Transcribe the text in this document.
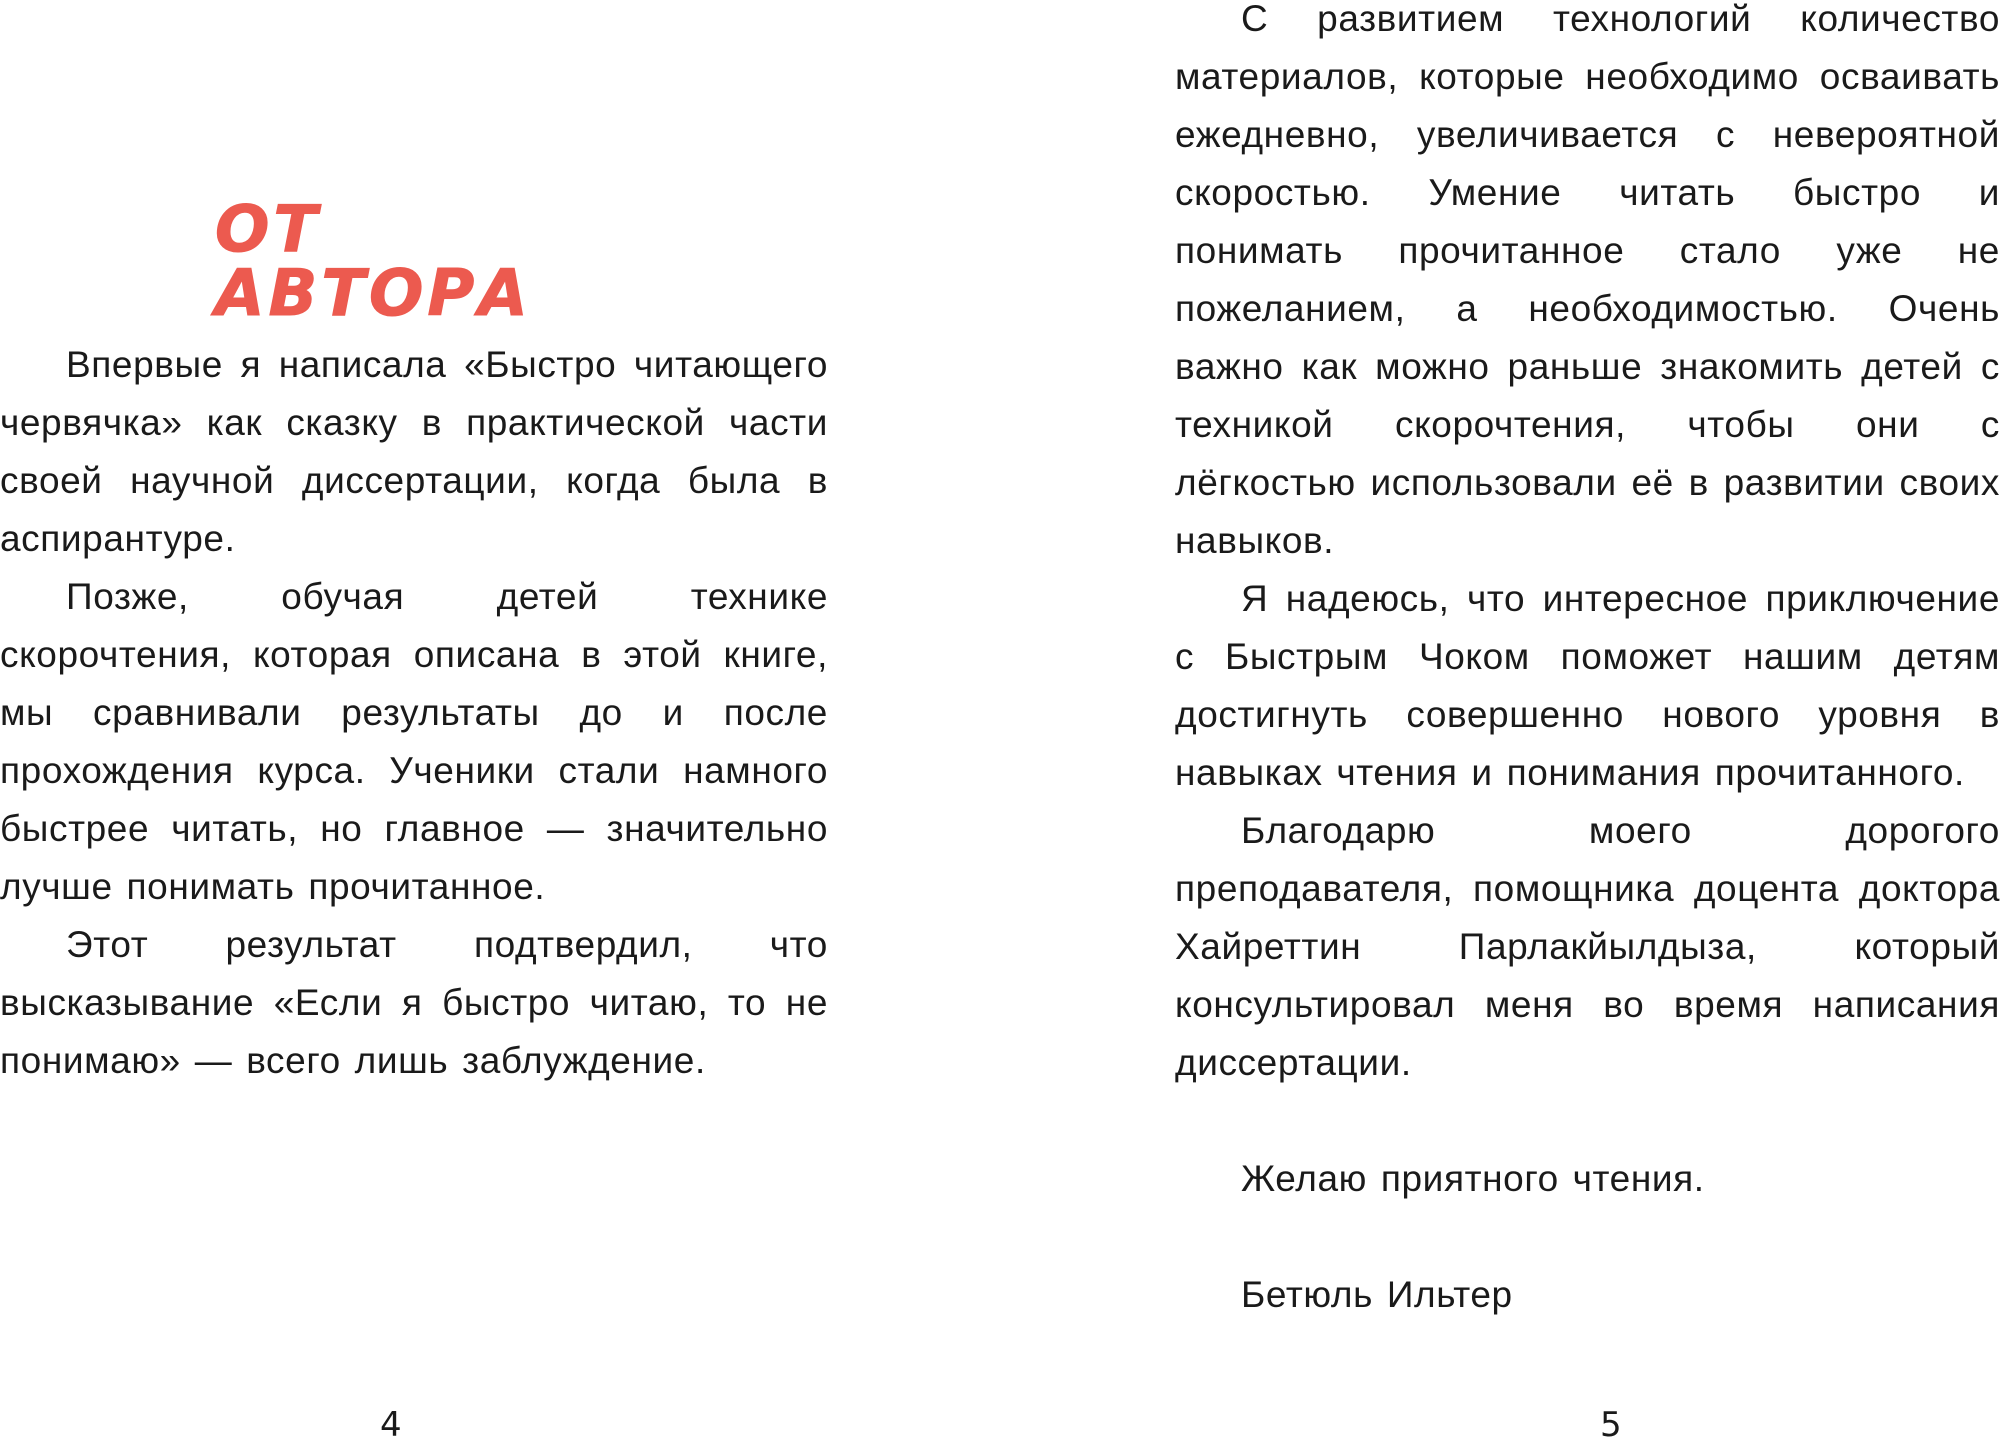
ОТ АВТОРА

Впервые я написала «Быстро читающего червячка» как сказку в практической части своей научной диссертации, когда была в аспирантуре.

Позже, обучая детей технике скорочтения, которая описана в этой книге, мы сравнивали результаты до и после прохождения курса. Ученики стали намного быстрее читать, но главное — значительно лучше понимать прочитанное.

Этот результат подтвердил, что высказывание «Если я быстро читаю, то не понимаю» — всего лишь заблуждение.

4

С развитием технологий количество материалов, которые необходимо осваивать ежедневно, увеличивается с невероятной скоростью. Умение читать быстро и понимать прочитанное стало уже не пожеланием, а необходимостью. Очень важно как можно раньше знакомить детей с техникой скорочтения, чтобы они с лёгкостью использовали её в развитии своих навыков.

Я надеюсь, что интересное приключение с Быстрым Чоком поможет нашим детям достигнуть совершенно нового уровня в навыках чтения и понимания прочитанного.

Благодарю моего дорогого преподавателя, помощника доцента доктора Хайреттин Парлакйылдыза, который консультировал меня во время написания диссертации.

Желаю приятного чтения.

Бетюль Ильтер

5
